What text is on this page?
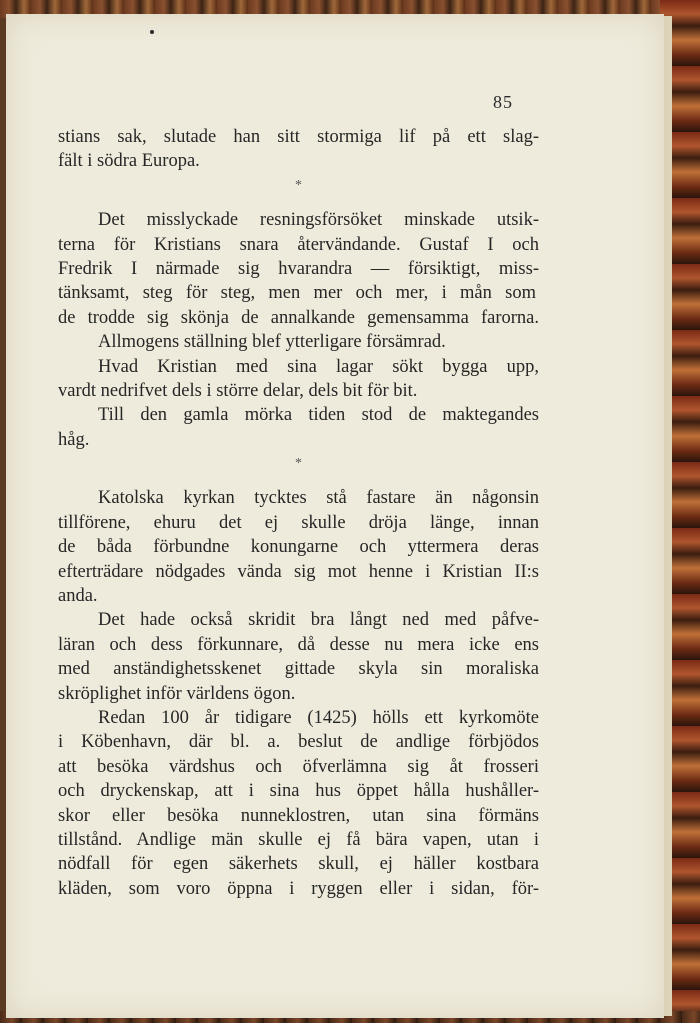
85
stians sak, slutade han sitt stormiga lif på ett slag-
fält i södra Europa.
*
Det misslyckade resningsförsöket minskade utsik-
terna för Kristians snara återvändande. Gustaf I och
Fredrik I närmade sig hvarandra — försiktigt, miss-
tänksamt, steg för steg, men mer och mer, i mån som
de trodde sig skönja de annalkande gemensamma farorna.
Allmogens ställning blef ytterligare försämrad.
Hvad Kristian med sina lagar sökt bygga upp,
vardt nedrifvet dels i större delar, dels bit för bit.
Till den gamla mörka tiden stod de maktegandes
håg.
*
Katolska kyrkan tycktes stå fastare än någonsin
tillförene, ehuru det ej skulle dröja länge, innan
de båda förbundne konungarne och yttermera deras
efterträdare nödgades vända sig mot henne i Kristian II:s
anda.
Det hade också skridit bra långt ned med påfve-
läran och dess förkunnare, då desse nu mera icke ens
med anständighetsskenet gittade skyla sin moraliska
skröplighet inför världens ögon.
Redan 100 år tidigare (1425) hölls ett kyrkomöte
i Köbenhavn, där bl. a. beslut de andlige förbjödos
att besöka värdshus och öfverlämna sig åt frosseri
och dryckenskap, att i sina hus öppet hålla hushåller-
skor eller besöka nunneklostren, utan sina förmäns
tillstånd. Andlige män skulle ej få bära vapen, utan i
nödfall för egen säkerhets skull, ej häller kostbara
kläden, som voro öppna i ryggen eller i sidan, för-
